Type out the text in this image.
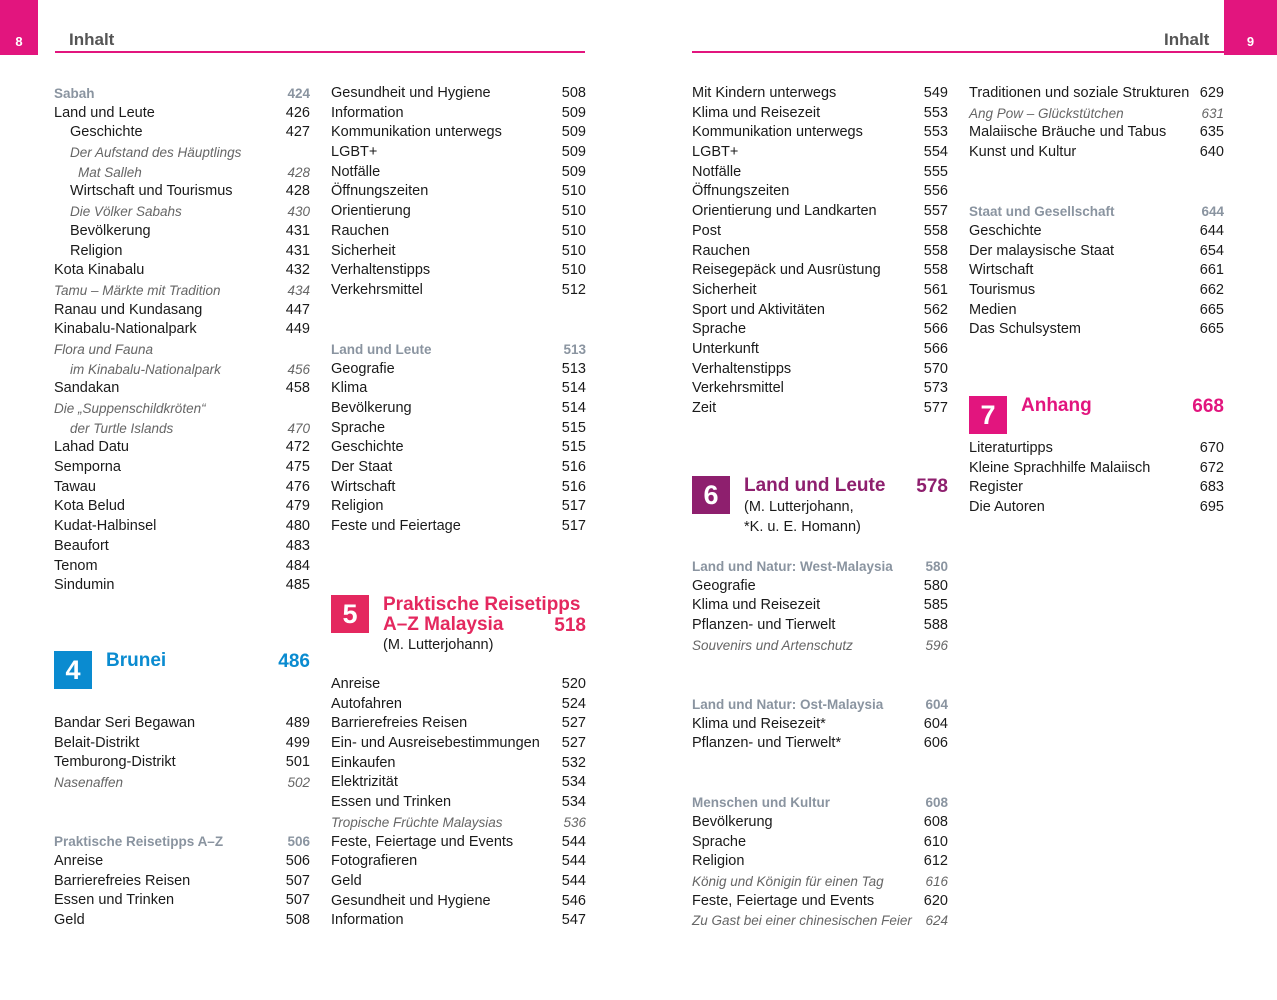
8	Inhalt	Inhalt	9
Sabah	424
Land und Leute	426
Geschichte	427
Der Aufstand des Häuptlings
Mat Salleh	428
Wirtschaft und Tourismus	428
Die Völker Sabahs	430
Bevölkerung	431
Religion	431
Kota Kinabalu	432
Tamu – Märkte mit Tradition	434
Ranau und Kundasang	447
Kinabalu-Nationalpark	449
Flora und Fauna
im Kinabalu-Nationalpark	456
Sandakan	458
Die „Suppenschildkröten“
der Turtle Islands	470
Lahad Datu	472
Semporna	475
Tawau	476
Kota Belud	479
Kudat-Halbinsel	480
Beaufort	483
Tenom	484
Sindumin	485
4	Brunei	486
Bandar Seri Begawan	489
Belait-Distrikt	499
Temburong-Distrikt	501
Nasenaffen	502
Praktische Reisetipps A–Z	506
Anreise	506
Barrierefreies Reisen	507
Essen und Trinken	507
Geld	508
Gesundheit und Hygiene	508
Information	509
Kommunikation unterwegs	509
LGBT+	509
Notfälle	509
Öffnungszeiten	510
Orientierung	510
Rauchen	510
Sicherheit	510
Verhaltenstipps	510
Verkehrsmittel	512
Land und Leute	513
Geografie	513
Klima	514
Bevölkerung	514
Sprache	515
Geschichte	515
Der Staat	516
Wirtschaft	516
Religion	517
Feste und Feiertage	517
5	Praktische Reisetipps
A–Z Malaysia	518
(M. Lutterjohann)
Anreise	520
Autofahren	524
Barrierefreies Reisen	527
Ein- und Ausreisebestimmungen 527
Einkaufen	532
Elektrizität	534
Essen und Trinken	534
Tropische Früchte Malaysias	536
Feste, Feiertage und Events	544
Fotografieren	544
Geld	544
Gesundheit und Hygiene	546
Information	547
Mit Kindern unterwegs	549
Klima und Reisezeit	553
Kommunikation unterwegs	553
LGBT+	554
Notfälle	555
Öffnungszeiten	556
Orientierung und Landkarten	557
Post	558
Rauchen	558
Reisegepäck und Ausrüstung	558
Sicherheit	561
Sport und Aktivitäten	562
Sprache	566
Unterkunft	566
Verhaltenstipps	570
Verkehrsmittel	573
Zeit	577
6	Land und Leute 578
(M. Lutterjohann,
*K. u. E. Homann)
Land und Natur: West-Malaysia 580
Geografie	580
Klima und Reisezeit	585
Pflanzen- und Tierwelt	588
Souvenirs und Artenschutz	596
Land und Natur: Ost-Malaysia	604
Klima und Reisezeit*	604
Pflanzen- und Tierwelt*	606
Menschen und Kultur	608
Bevölkerung	608
Sprache	610
Religion	612
König und Königin für einen Tag	616
Feste, Feiertage und Events	620
Zu Gast bei einer chinesischen Feier 624
Traditionen und soziale Strukturen 629
Ang Pow – Glückstütchen	631
Malaiische Bräuche und Tabus 635
Kunst und Kultur	640
Staat und Gesellschaft	644
Geschichte	644
Der malaysische Staat	654
Wirtschaft	661
Tourismus	662
Medien	665
Das Schulsystem	665
7	Anhang	668
Literaturtipps	670
Kleine Sprachhilfe Malaiisch	672
Register	683
Die Autoren	695
